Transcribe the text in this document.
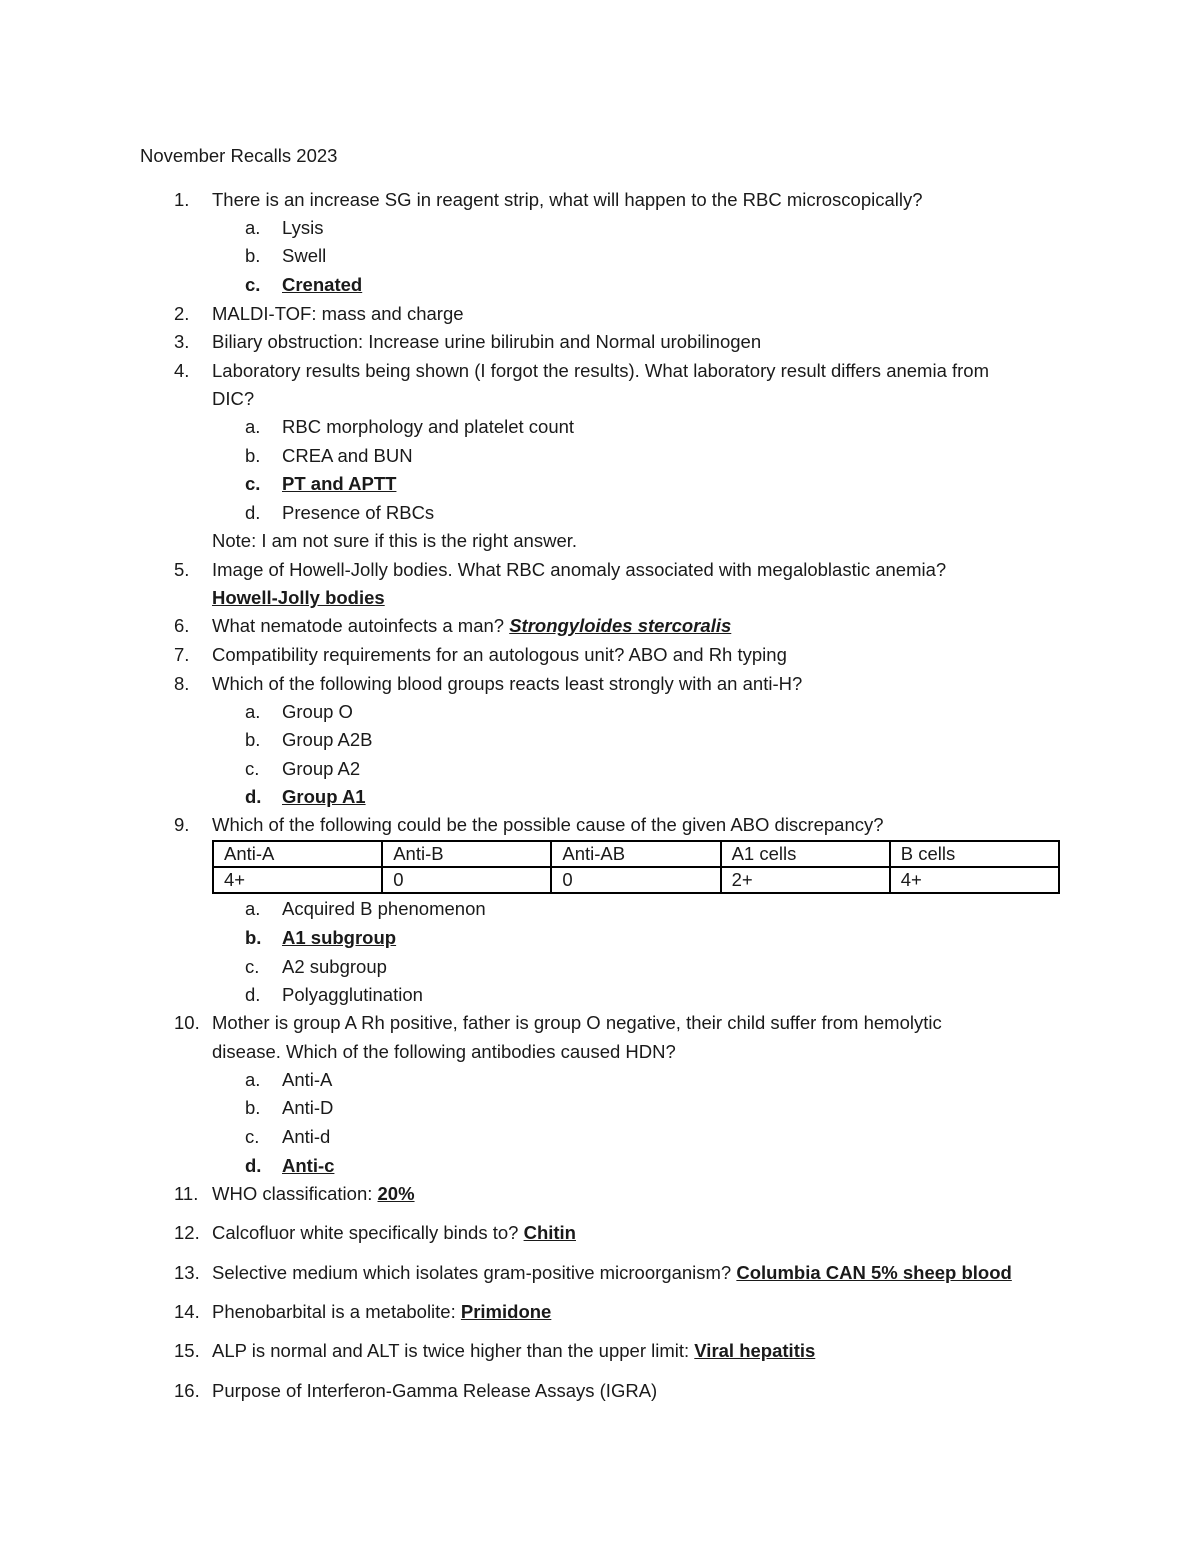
November Recalls 2023
1. There is an increase SG in reagent strip, what will happen to the RBC microscopically?
a. Lysis
b. Swell
c. Crenated
2. MALDI-TOF: mass and charge
3. Biliary obstruction: Increase urine bilirubin and Normal urobilinogen
4. Laboratory results being shown (I forgot the results). What laboratory result differs anemia from
DIC?
a. RBC morphology and platelet count
b. CREA and BUN
c. PT and APTT
d. Presence of RBCs
Note: I am not sure if this is the right answer.
5. Image of Howell-Jolly bodies. What RBC anomaly associated with megaloblastic anemia?
Howell-Jolly bodies
6. What nematode autoinfects a man? Strongyloides stercoralis
7. Compatibility requirements for an autologous unit? ABO and Rh typing
8. Which of the following blood groups reacts least strongly with an anti-H?
a. Group O
b. Group A2B
c. Group A2
d. Group A1
9. Which of the following could be the possible cause of the given ABO discrepancy?
Anti-A	Anti-B	Anti-AB	A1 cells	B cells
4+	0	0	2+	4+
a. Acquired B phenomenon
b. A1 subgroup
c. A2 subgroup
d. Polyagglutination
10. Mother is group A Rh positive, father is group O negative, their child suffer from hemolytic
disease. Which of the following antibodies caused HDN?
a. Anti-A
b. Anti-D
c. Anti-d
d. Anti-c
11. WHO classification: 20%
12. Calcofluor white specifically binds to? Chitin
13. Selective medium which isolates gram-positive microorganism? Columbia CAN 5% sheep blood
14. Phenobarbital is a metabolite: Primidone
15. ALP is normal and ALT is twice higher than the upper limit: Viral hepatitis
16. Purpose of Interferon-Gamma Release Assays (IGRA)
